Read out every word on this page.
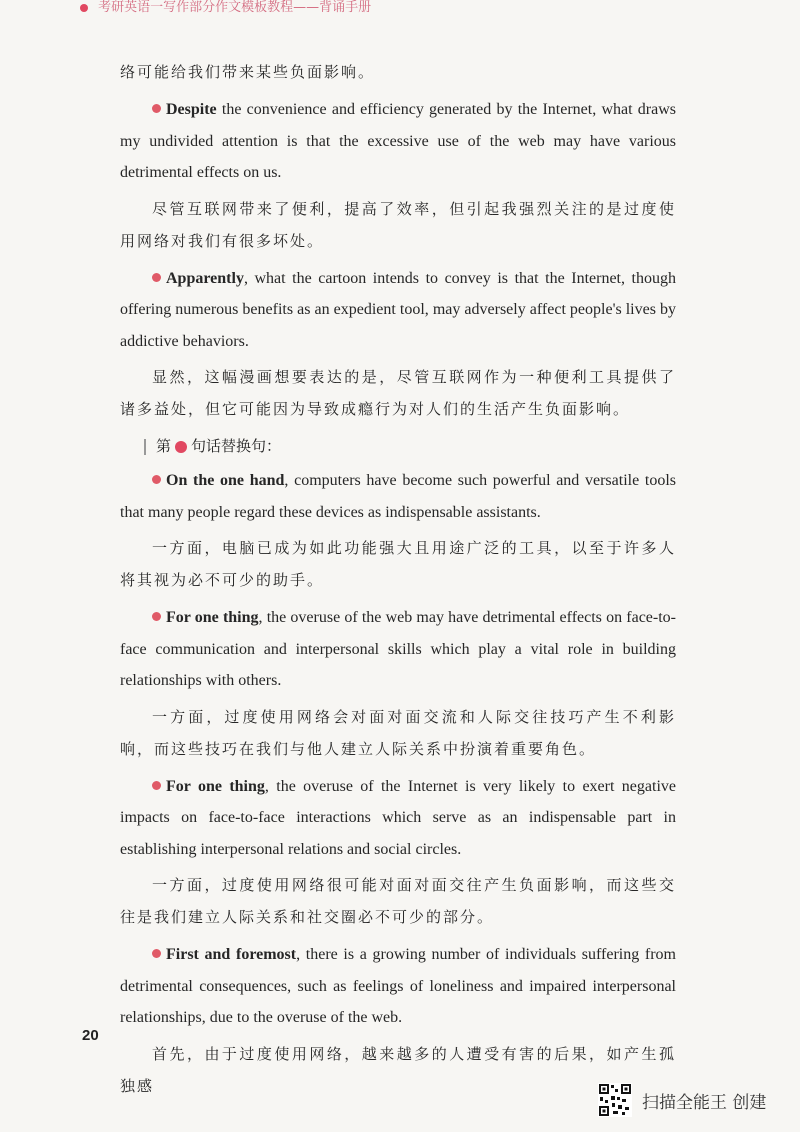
考研英语一写作部分作文模板教程——背诵手册

络可能给我们带来某些负面影响。

Despite the convenience and efficiency generated by the Internet, what draws my undivided attention is that the excessive use of the web may have various detrimental effects on us.

尽管互联网带来了便利，提高了效率，但引起我强烈关注的是过度使用网络对我们有很多坏处。

Apparently, what the cartoon intends to convey is that the Internet, though offering numerous benefits as an expedient tool, may adversely affect people's lives by addictive behaviors.

显然，这幅漫画想要表达的是，尽管互联网作为一种便利工具提供了诸多益处，但它可能因为导致成瘾行为对人们的生活产生负面影响。

第 句话替换句：

On the one hand, computers have become such powerful and versatile tools that many people regard these devices as indispensable assistants.

一方面，电脑已成为如此功能强大且用途广泛的工具，以至于许多人将其视为必不可少的助手。

For one thing, the overuse of the web may have detrimental effects on face-to-face communication and interpersonal skills which play a vital role in building relationships with others.

一方面，过度使用网络会对面对面交流和人际交往技巧产生不利影响，而这些技巧在我们与他人建立人际关系中扮演着重要角色。

For one thing, the overuse of the Internet is very likely to exert negative impacts on face-to-face interactions which serve as an indispensable part in establishing interpersonal relations and social circles.

一方面，过度使用网络很可能对面对面交往产生负面影响，而这些交往是我们建立人际关系和社交圈必不可少的部分。

First and foremost, there is a growing number of individuals suffering from detrimental consequences, such as feelings of loneliness and impaired interpersonal relationships, due to the overuse of the web.

首先，由于过度使用网络，越来越多的人遭受有害的后果，如产生孤独感

20
扫描全能王 创建
